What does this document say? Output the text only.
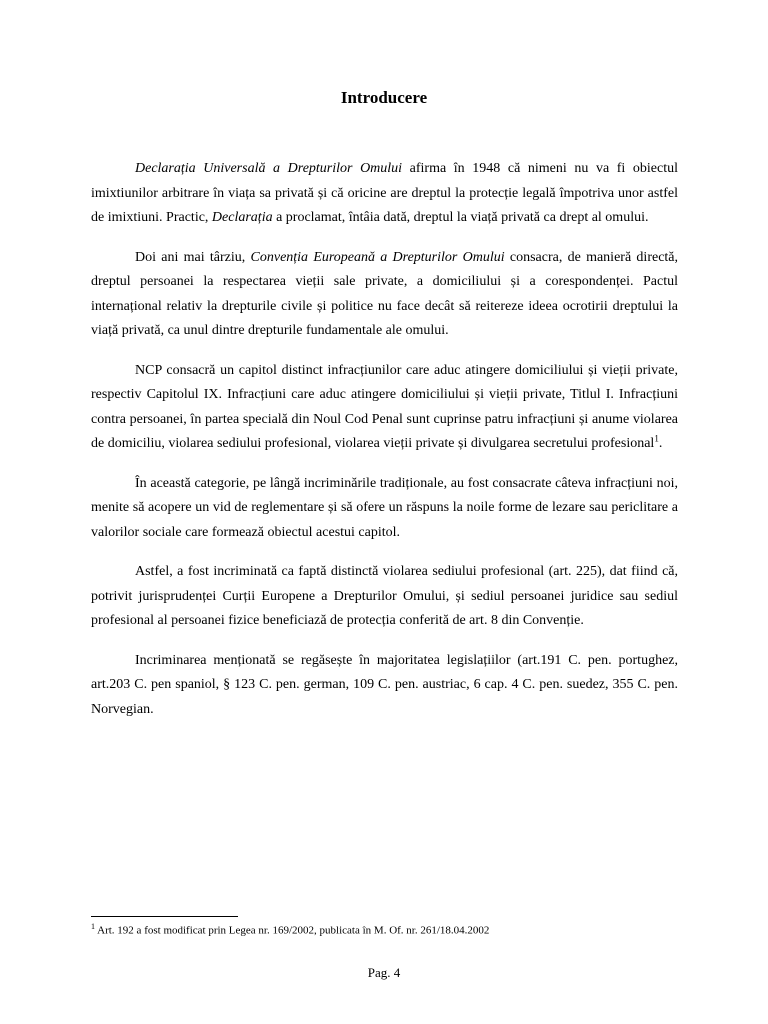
Introducere

Declarația Universală a Drepturilor Omului afirma în 1948 că nimeni nu va fi obiectul imixtiunilor arbitrare în viața sa privată și că oricine are dreptul la protecție legală împotriva unor astfel de imixtiuni. Practic, Declarația a proclamat, întâia dată, dreptul la viață privată ca drept al omului.

Doi ani mai târziu, Convenția Europeană a Drepturilor Omului consacra, de manieră directă, dreptul persoanei la respectarea vieții sale private, a domiciliului și a corespondenței. Pactul internațional relativ la drepturile civile și politice nu face decât să reitereze ideea ocrotirii dreptului la viață privată, ca unul dintre drepturile fundamentale ale omului.

NCP consacră un capitol distinct infracțiunilor care aduc atingere domiciliului și vieții private, respectiv Capitolul IX. Infracțiuni care aduc atingere domiciliului și vieții private, Titlul I. Infracțiuni contra persoanei, în partea specială din Noul Cod Penal sunt cuprinse patru infracțiuni și anume violarea de domiciliu, violarea sediului profesional, violarea vieții private și divulgarea secretului profesional$^1$.

În această categorie, pe lângă incriminările tradiționale, au fost consacrate câteva infracțiuni noi, menite să acopere un vid de reglementare și să ofere un răspuns la noile forme de lezare sau periclitare a valorilor sociale care formează obiectul acestui capitol.

Astfel, a fost incriminată ca faptă distinctă violarea sediului profesional (art. 225), dat fiind că, potrivit jurisprudenței Curții Europene a Drepturilor Omului, și sediul persoanei juridice sau sediul profesional al persoanei fizice beneficiază de protecția conferită de art. 8 din Convenție.

Incriminarea menționată se regăsește în majoritatea legislațiilor (art.191 C. pen. portughez, art.203 C. pen spaniol, § 123 C. pen. german, 109 C. pen. austriac, 6 cap. 4 C. pen. suedez, 355 C. pen. Norvegian.

$^1$ Art. 192 a fost modificat prin Legea nr. 169/2002, publicata în M. Of. nr. 261/18.04.2002

Pag. 4
